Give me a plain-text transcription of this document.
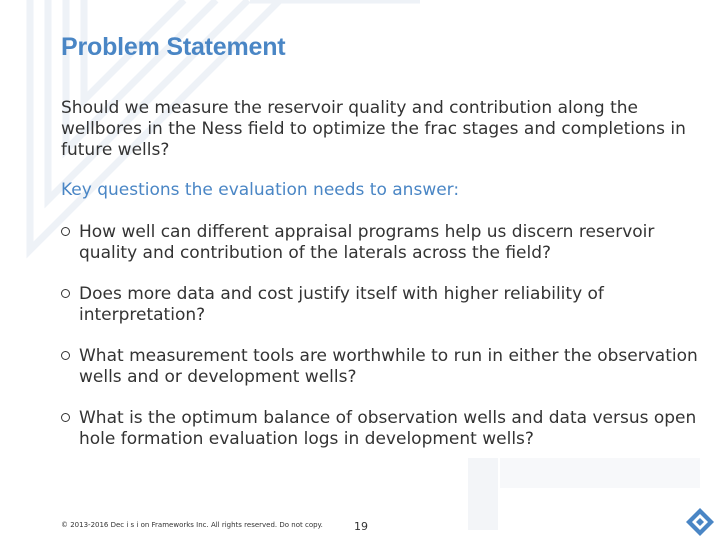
Problem Statement
Should we measure the reservoir quality and contribution along the wellbores in the Ness field to optimize the frac stages and completions in future wells?
Key questions the evaluation needs to answer:
How well can different appraisal programs help us discern reservoir quality and contribution of the laterals across the field?
Does more data and cost justify itself with higher reliability of interpretation?
What measurement tools are worthwhile to run in either the observation wells and or development wells?
What is the optimum balance of observation wells and data versus open hole formation evaluation logs in development wells?
© 2013-2016 Dec i s i on Frameworks Inc. All rights reserved. Do not copy.	19
